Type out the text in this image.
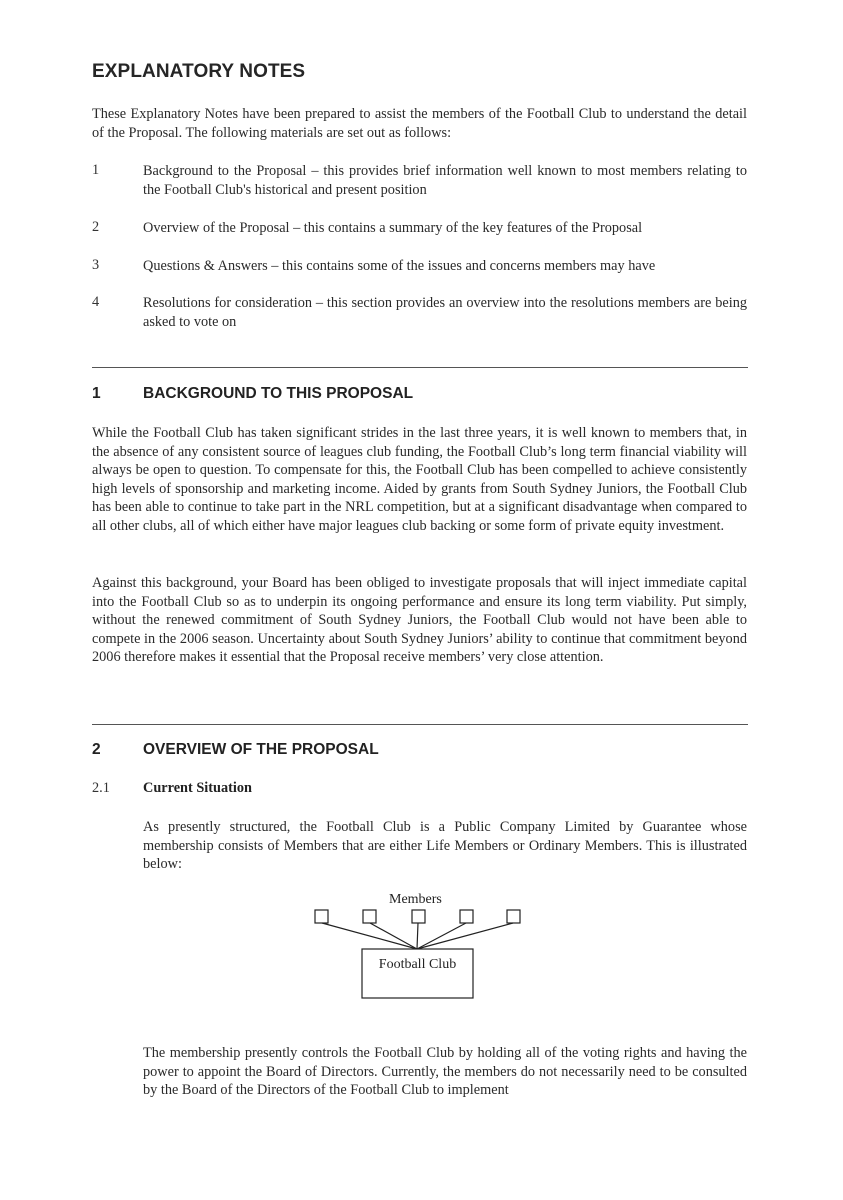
EXPLANATORY NOTES
These Explanatory Notes have been prepared to assist the members of the Football Club to understand the detail of the Proposal. The following materials are set out as follows:
1	Background to the Proposal – this provides brief information well known to most members relating to the Football Club's historical and present position
2	Overview of the Proposal – this contains a summary of the key features of the Proposal
3	Questions & Answers – this contains some of the issues and concerns members may have
4	Resolutions for consideration – this section provides an overview into the resolutions members are being asked to vote on
1	BACKGROUND TO THIS PROPOSAL
While the Football Club has taken significant strides in the last three years, it is well known to members that, in the absence of any consistent source of leagues club funding, the Football Club’s long term financial viability will always be open to question. To compensate for this, the Football Club has been compelled to achieve consistently high levels of sponsorship and marketing income. Aided by grants from South Sydney Juniors, the Football Club has been able to continue to take part in the NRL competition, but at a significant disadvantage when compared to all other clubs, all of which either have major leagues club backing or some form of private equity investment.
Against this background, your Board has been obliged to investigate proposals that will inject immediate capital into the Football Club so as to underpin its ongoing performance and ensure its long term viability. Put simply, without the renewed commitment of South Sydney Juniors, the Football Club would not have been able to compete in the 2006 season. Uncertainty about South Sydney Juniors’ ability to continue that commitment beyond 2006 therefore makes it essential that the Proposal receive members’ very close attention.
2	OVERVIEW OF THE PROPOSAL
2.1 Current Situation
As presently structured, the Football Club is a Public Company Limited by Guarantee whose membership consists of Members that are either Life Members or Ordinary Members. This is illustrated below:
Members
Football Club
The membership presently controls the Football Club by holding all of the voting rights and having the power to appoint the Board of Directors. Currently, the members do not necessarily need to be consulted by the Board of the Directors of the Football Club to implement
